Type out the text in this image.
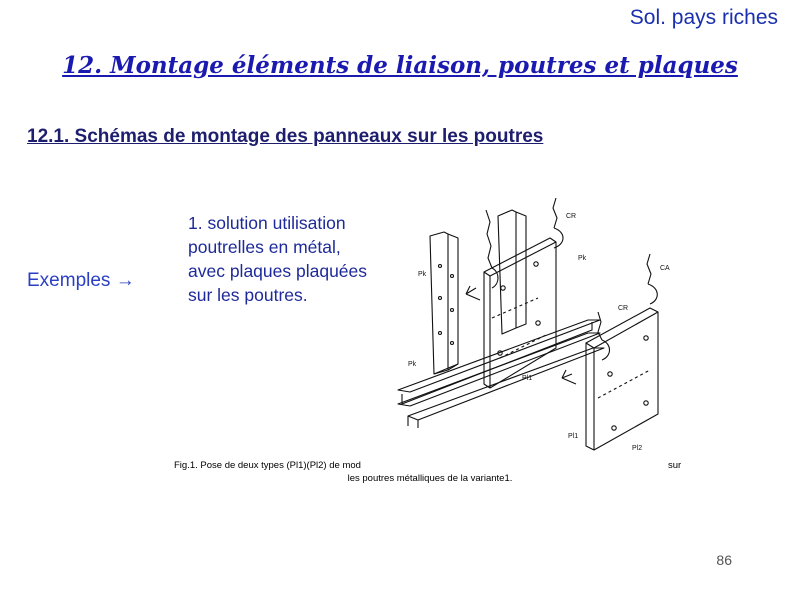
Sol. pays riches
12. Montage éléments de liaison, poutres et plaques
12.1. Schémas de montage des panneaux sur les poutres
Exemples →
1. solution utilisation
poutrelles en métal,
avec plaques plaquées
sur les poutres.
CR
CR
CA
Pk
Pk
Pk
Pl1
Pl1
Pl2
Fig.1. Pose de deux types (Pl1)(Pl2) de mod	sur
les poutres métalliques de la variante1.
86
